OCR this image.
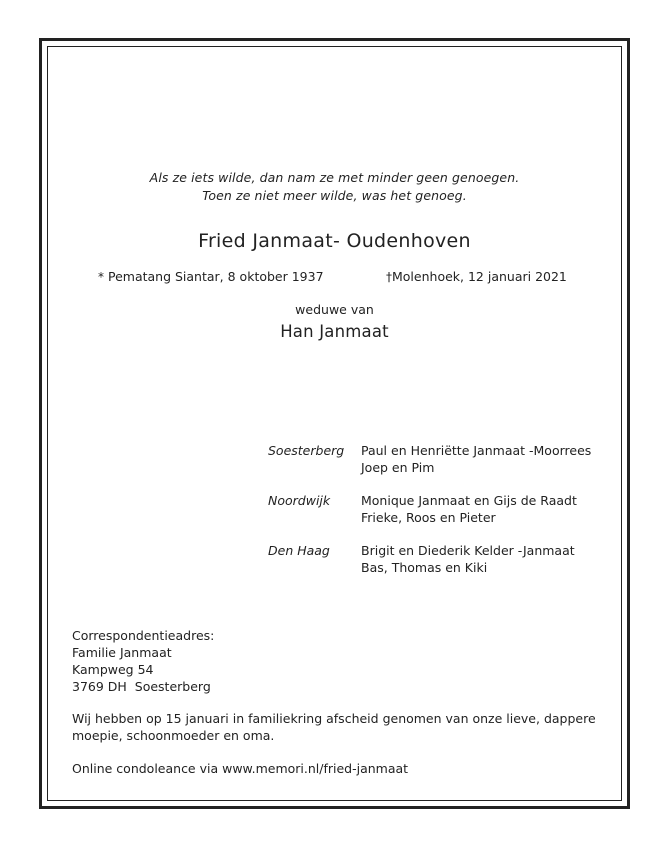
Als ze iets wilde, dan nam ze met minder geen genoegen.
Toen ze niet meer wilde, was het genoeg.
Fried Janmaat- Oudenhoven
* Pematang Siantar, 8 oktober 1937	†Molenhoek, 12 januari 2021
weduwe van
Han Janmaat
Soesterberg Paul en Henriëtte Janmaat -Moorrees
Joep en Pim
Noordwijk Monique Janmaat en Gijs de Raadt
Frieke, Roos en Pieter
Den Haag Brigit en Diederik Kelder -Janmaat
Bas, Thomas en Kiki
Correspondentieadres:
Familie Janmaat
Kampweg 54
3769 DH  Soesterberg
Wij hebben op 15 januari in familiekring afscheid genomen van onze lieve, dappere
moepie, schoonmoeder en oma.
Online condoleance via www.memori.nl/fried-janmaat
